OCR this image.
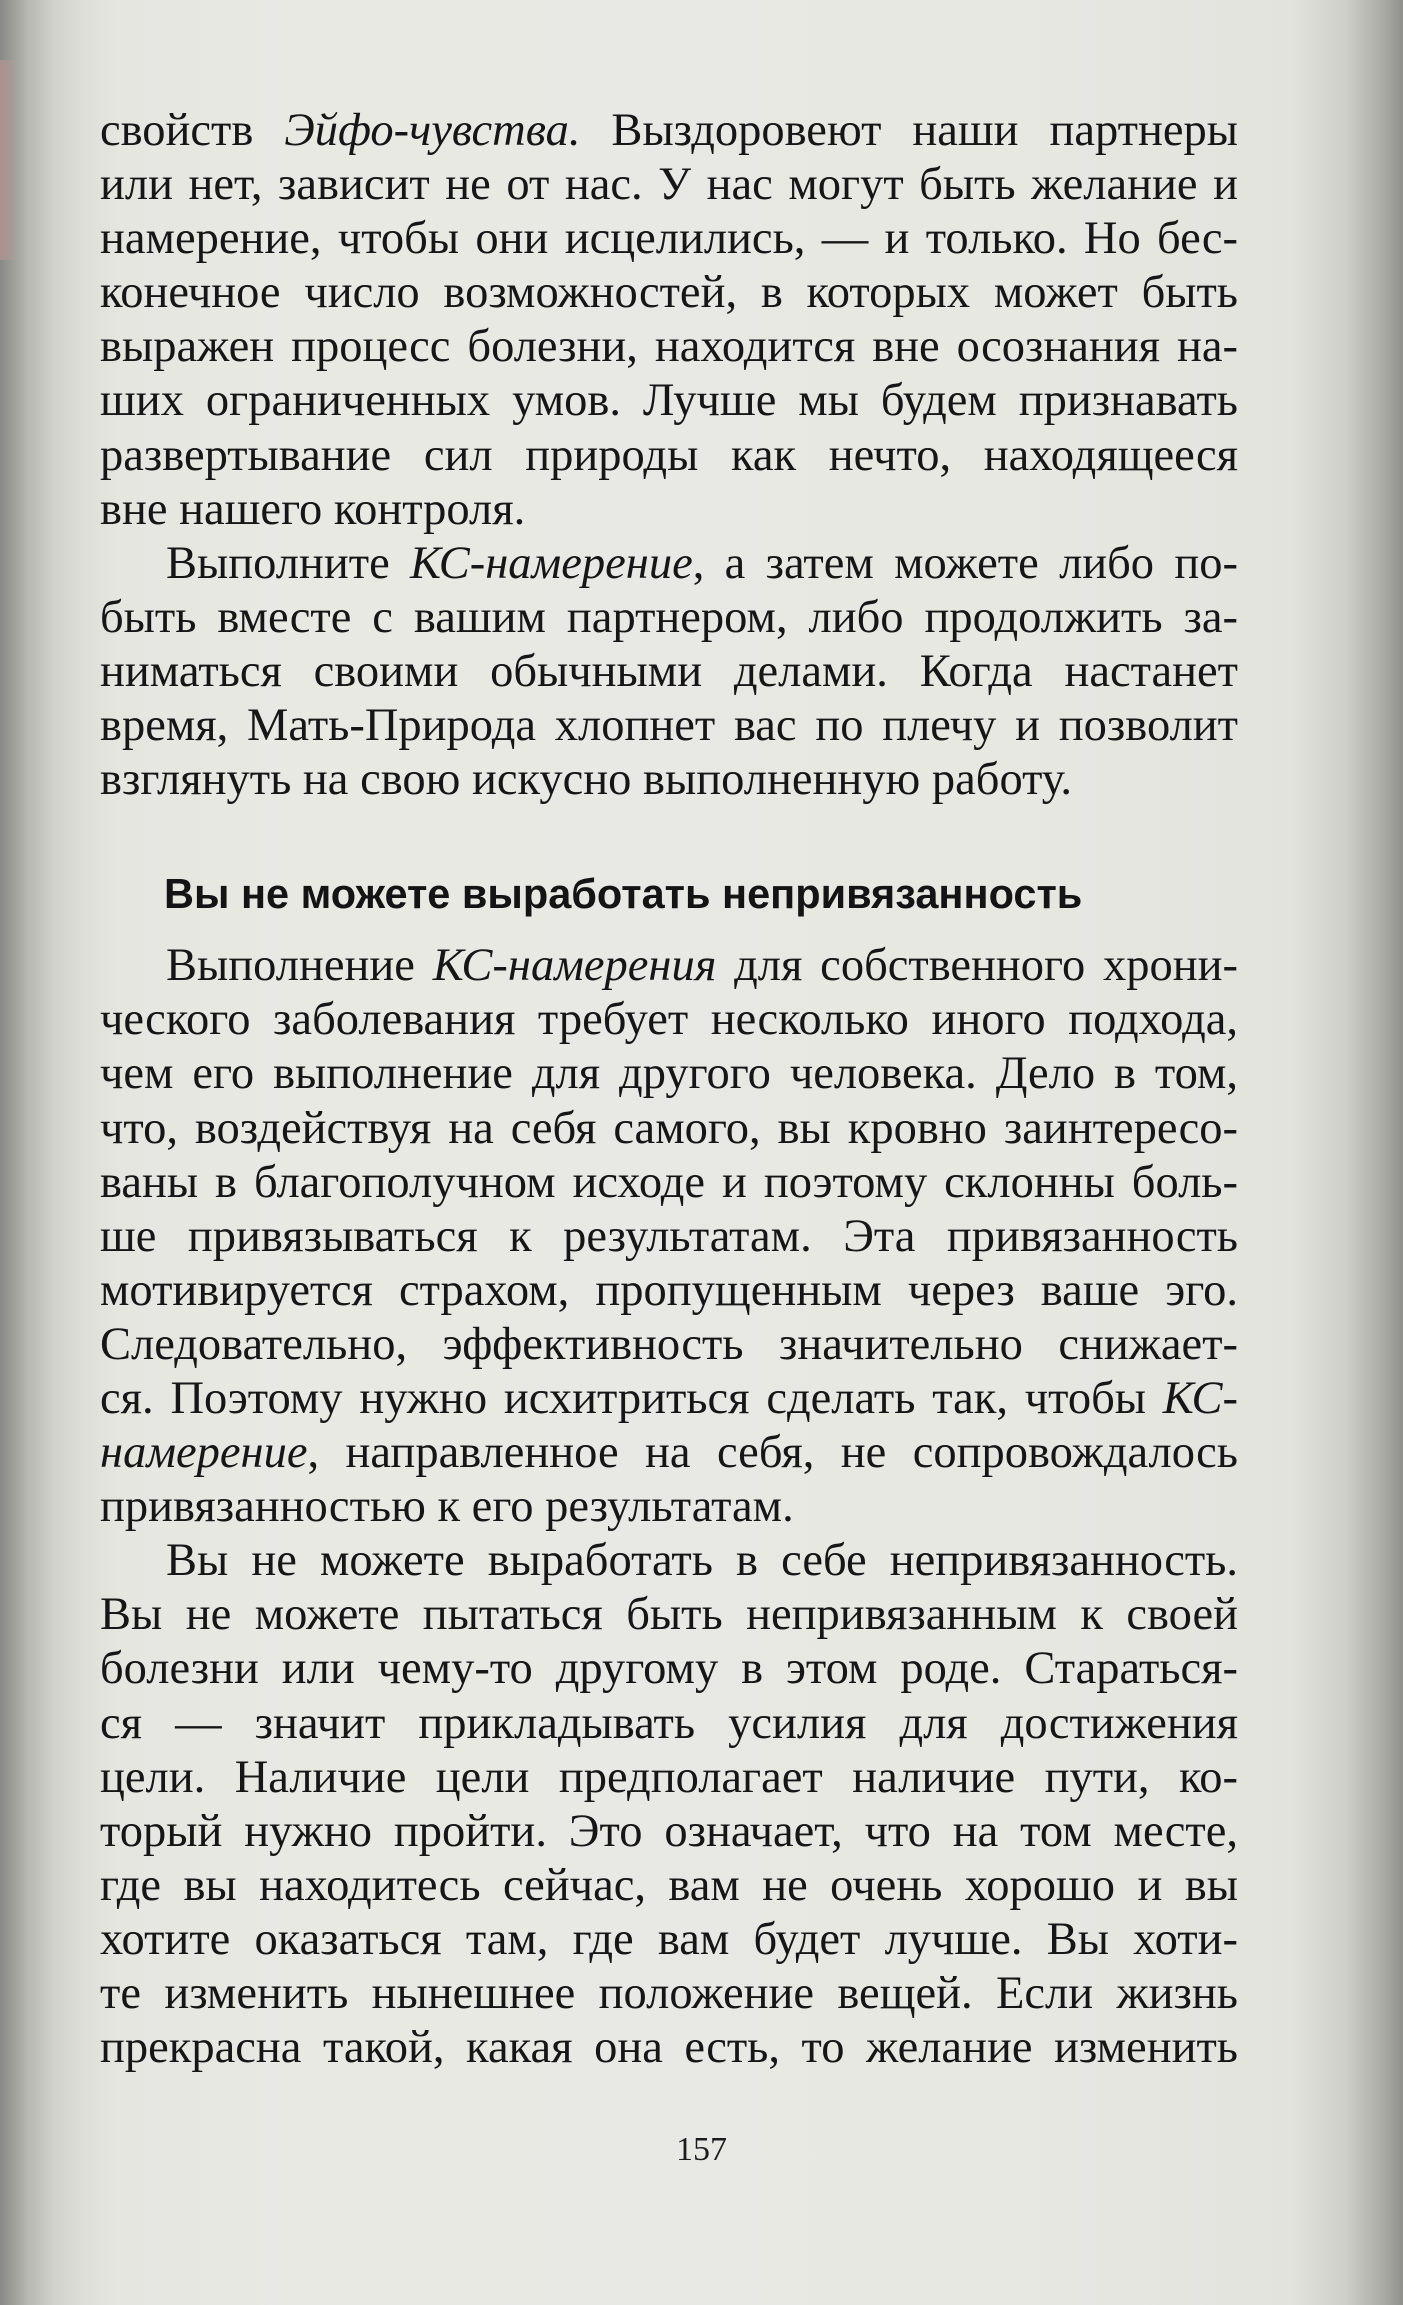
свойств Эйфо-чувства. Выздоровеют наши партнеры
или нет, зависит не от нас. У нас могут быть желание и
намерение, чтобы они исцелились, — и только. Но бес-
конечное число возможностей, в которых может быть
выражен процесс болезни, находится вне осознания на-
ших ограниченных умов. Лучше мы будем признавать
развертывание сил природы как нечто, находящееся
вне нашего контроля.

Выполните КС-намерение, а затем можете либо по-
быть вместе с вашим партнером, либо продолжить за-
ниматься своими обычными делами. Когда настанет
время, Мать-Природа хлопнет вас по плечу и позволит
взглянуть на свою искусно выполненную работу.

Вы не можете выработать непривязанность

Выполнение КС-намерения для собственного хрони-
ческого заболевания требует несколько иного подхода,
чем его выполнение для другого человека. Дело в том,
что, воздействуя на себя самого, вы кровно заинтересо-
ваны в благополучном исходе и поэтому склонны боль-
ше привязываться к результатам. Эта привязанность
мотивируется страхом, пропущенным через ваше эго.
Следовательно, эффективность значительно снижает-
ся. Поэтому нужно исхитриться сделать так, чтобы КС-
намерение, направленное на себя, не сопровождалось
привязанностью к его результатам.

Вы не можете выработать в себе непривязанность.
Вы не можете пытаться быть непривязанным к своей
болезни или чему-то другому в этом роде. Стараться-
ся — значит прикладывать усилия для достижения
цели. Наличие цели предполагает наличие пути, ко-
торый нужно пройти. Это означает, что на том месте,
где вы находитесь сейчас, вам не очень хорошо и вы
хотите оказаться там, где вам будет лучше. Вы хоти-
те изменить нынешнее положение вещей. Если жизнь
прекрасна такой, какая она есть, то желание изменить

157
